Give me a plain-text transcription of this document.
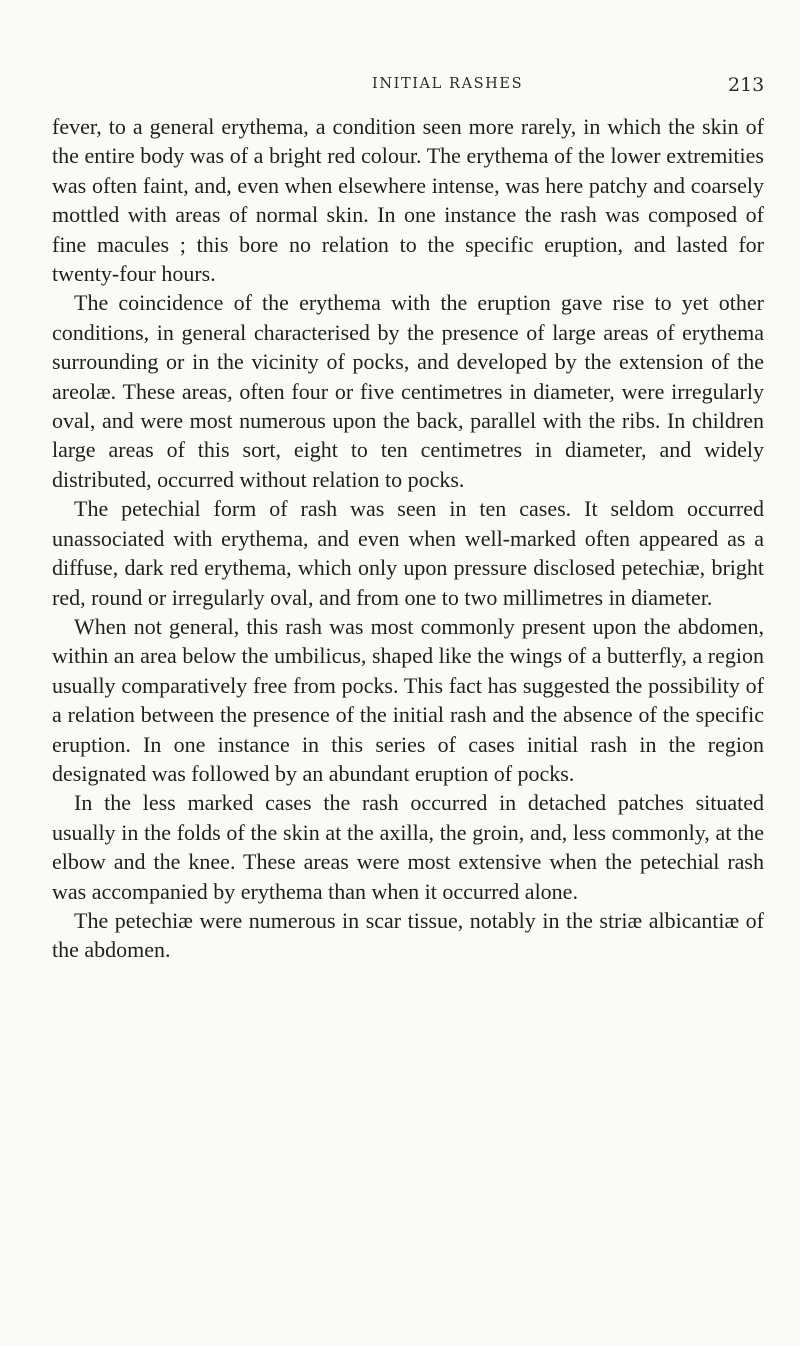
INITIAL RASHES	213

fever, to a general erythema, a condition seen more rarely, in which the skin of the entire body was of a bright red colour. The erythema of the lower extremities was often faint, and, even when elsewhere intense, was here patchy and coarsely mottled with areas of normal skin. In one instance the rash was composed of fine macules ; this bore no relation to the specific eruption, and lasted for twenty-four hours.

The coincidence of the erythema with the eruption gave rise to yet other conditions, in general characterised by the presence of large areas of erythema surrounding or in the vicinity of pocks, and developed by the extension of the areolæ. These areas, often four or five centimetres in diameter, were irregularly oval, and were most numerous upon the back, parallel with the ribs. In children large areas of this sort, eight to ten centimetres in diameter, and widely distributed, occurred without relation to pocks.

The petechial form of rash was seen in ten cases. It seldom occurred unassociated with erythema, and even when well-marked often appeared as a diffuse, dark red erythema, which only upon pressure disclosed petechiæ, bright red, round or irregularly oval, and from one to two millimetres in diameter.

When not general, this rash was most commonly present upon the abdomen, within an area below the umbilicus, shaped like the wings of a butterfly, a region usually comparatively free from pocks. This fact has suggested the possibility of a relation between the presence of the initial rash and the absence of the specific eruption. In one instance in this series of cases initial rash in the region designated was followed by an abundant eruption of pocks.

In the less marked cases the rash occurred in detached patches situated usually in the folds of the skin at the axilla, the groin, and, less commonly, at the elbow and the knee. These areas were most extensive when the petechial rash was accompanied by erythema than when it occurred alone.

The petechiæ were numerous in scar tissue, notably in the striæ albicantiæ of the abdomen.
